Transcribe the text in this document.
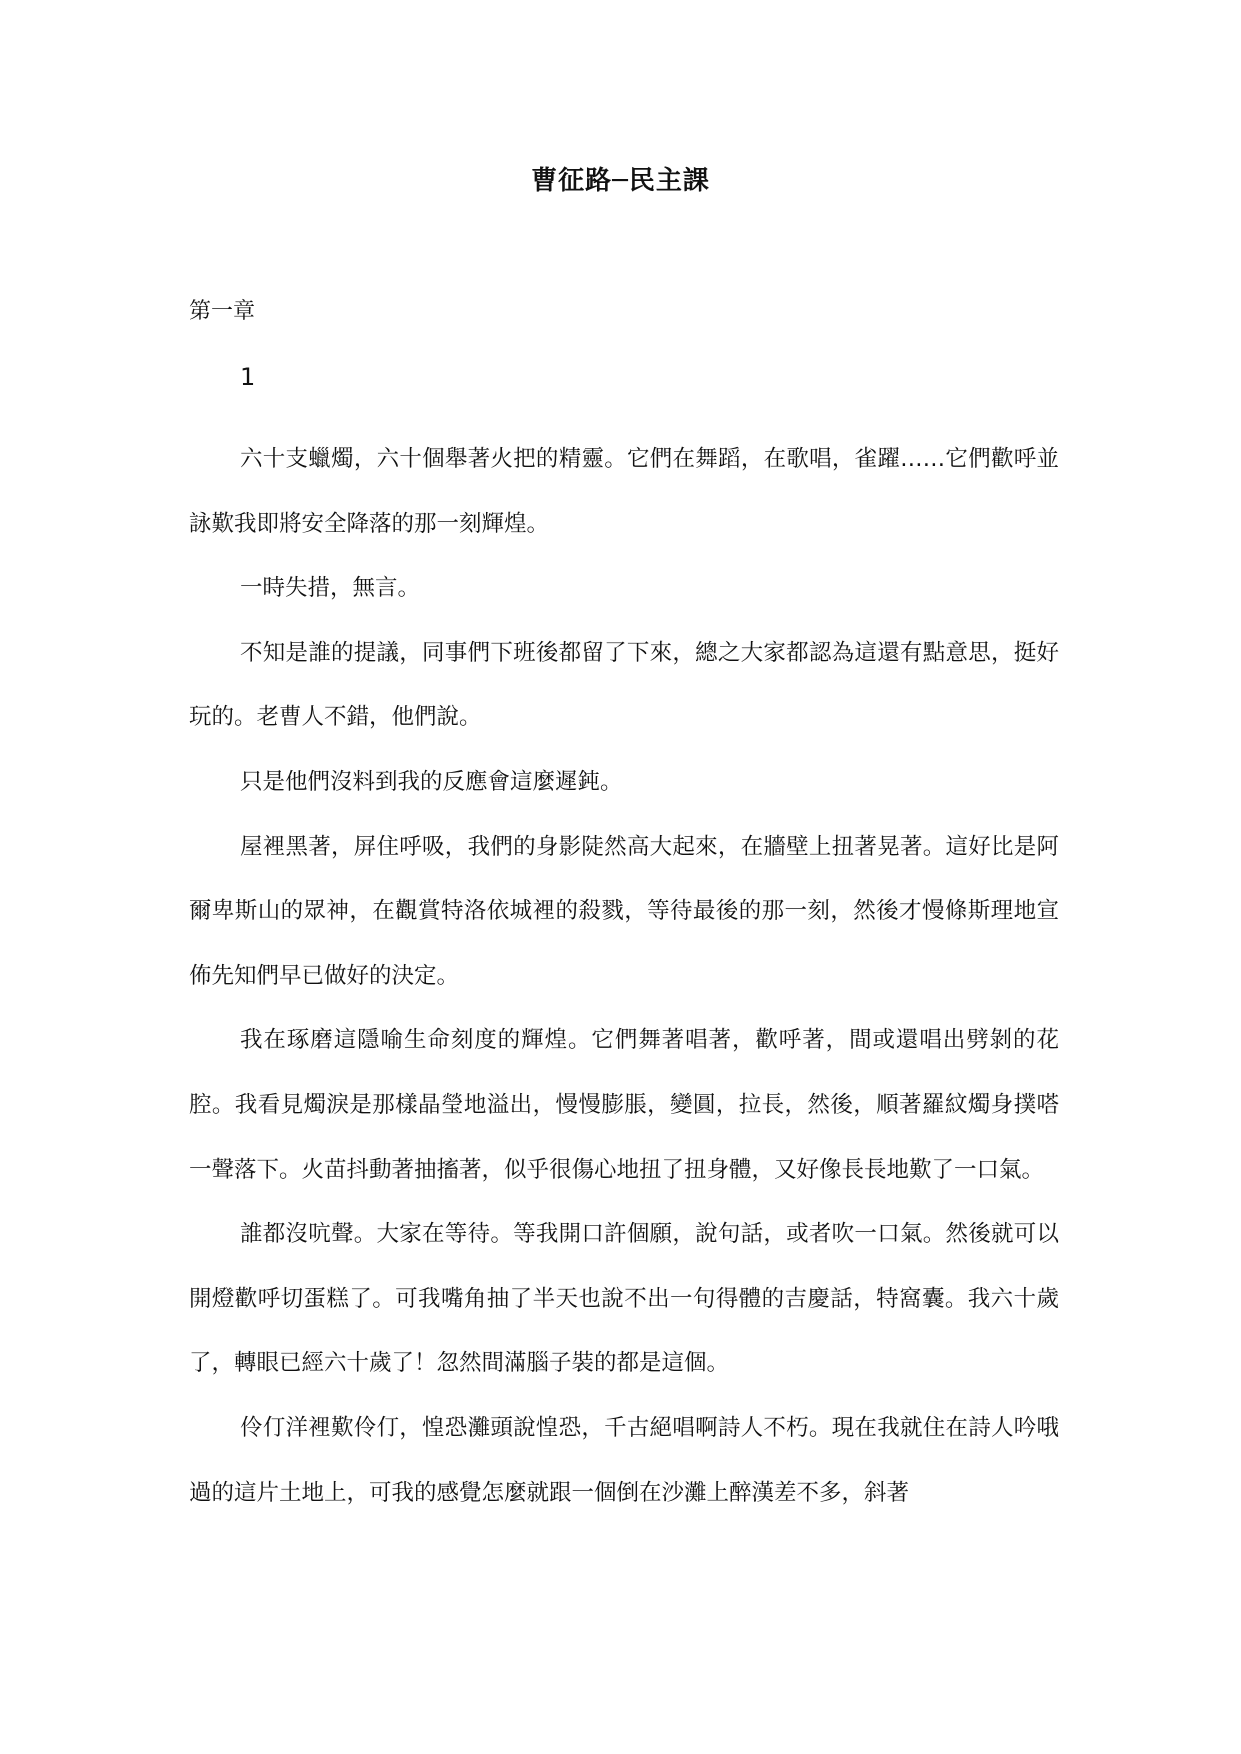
曹征路─民主課

第一章

1

六十支蠟燭，六十個舉著火把的精靈。它們在舞蹈，在歌唱，雀躍……它們歡呼並詠歎我即將安全降落的那一刻輝煌。

一時失措，無言。

不知是誰的提議，同事們下班後都留了下來，總之大家都認為這還有點意思，挺好玩的。老曹人不錯，他們說。

只是他們沒料到我的反應會這麼遲鈍。

屋裡黑著，屏住呼吸，我們的身影陡然高大起來，在牆壁上扭著晃著。這好比是阿爾卑斯山的眾神，在觀賞特洛依城裡的殺戮，等待最後的那一刻，然後才慢條斯理地宣佈先知們早已做好的決定。

我在琢磨這隱喻生命刻度的輝煌。它們舞著唱著，歡呼著，間或還唱出劈剝的花腔。我看見燭淚是那樣晶瑩地溢出，慢慢膨脹，變圓，拉長，然後，順著羅紋燭身撲嗒一聲落下。火苗抖動著抽搐著，似乎很傷心地扭了扭身體，又好像長長地歎了一口氣。

誰都沒吭聲。大家在等待。等我開口許個願，說句話，或者吹一口氣。然後就可以開燈歡呼切蛋糕了。可我嘴角抽了半天也說不出一句得體的吉慶話，特窩囊。我六十歲了，轉眼已經六十歲了！忽然間滿腦子裝的都是這個。

伶仃洋裡歎伶仃，惶恐灘頭說惶恐，千古絕唱啊詩人不朽。現在我就住在詩人吟哦過的這片土地上，可我的感覺怎麼就跟一個倒在沙灘上醉漢差不多，斜著
